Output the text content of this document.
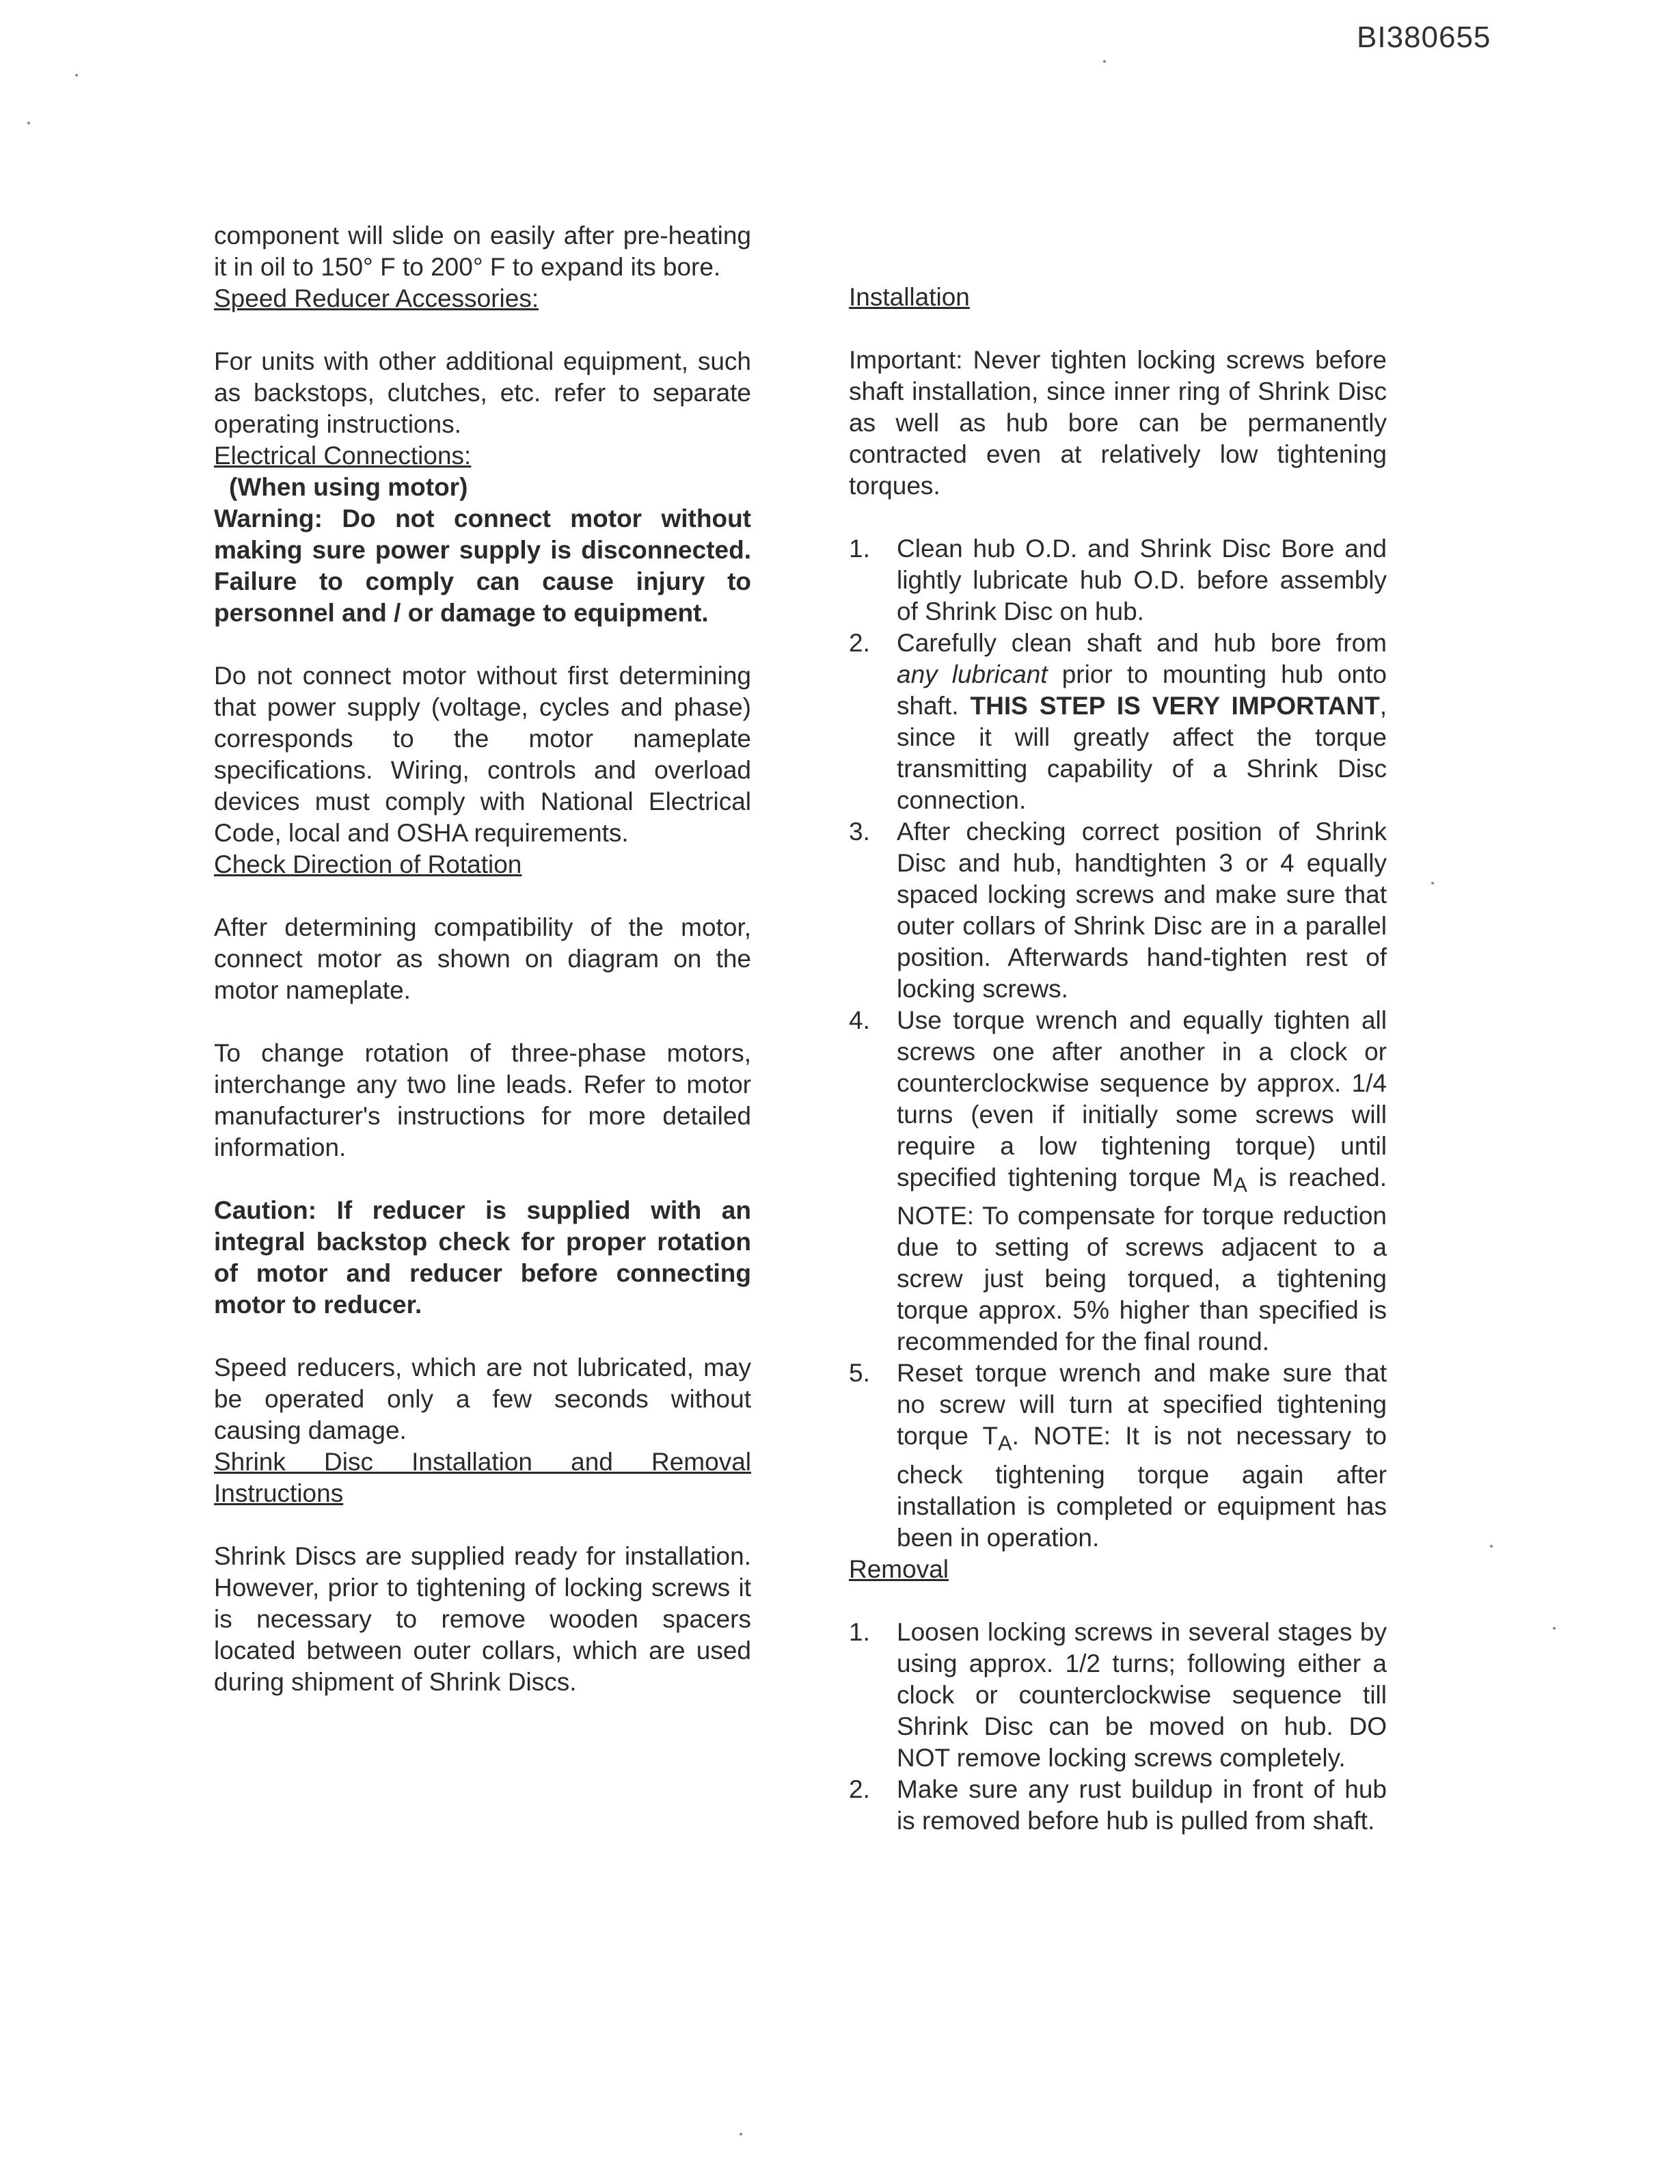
BI380655

component will slide on easily after pre-heating it in oil to 150° F to 200° F to expand its bore.

Speed Reducer Accessories:

For units with other additional equipment, such as backstops, clutches, etc. refer to separate operating instructions.

Electrical Connections:

(When using motor)

Warning: Do not connect motor without making sure power supply is disconnected. Failure to comply can cause injury to personnel and / or damage to equipment.

Do not connect motor without first determining that power supply (voltage, cycles and phase) corresponds to the motor nameplate specifications. Wiring, controls and overload devices must comply with National Electrical Code, local and OSHA requirements.

Check Direction of Rotation

After determining compatibility of the motor, connect motor as shown on diagram on the motor nameplate.

To change rotation of three-phase motors, interchange any two line leads. Refer to motor manufacturer's instructions for more detailed information.

Caution: If reducer is supplied with an integral backstop check for proper rotation of motor and reducer before connecting motor to reducer.

Speed reducers, which are not lubricated, may be operated only a few seconds without causing damage.

Shrink Disc Installation and Removal Instructions

Shrink Discs are supplied ready for installation. However, prior to tightening of locking screws it is necessary to remove wooden spacers located between outer collars, which are used during shipment of Shrink Discs.

Installation

Important: Never tighten locking screws before shaft installation, since inner ring of Shrink Disc as well as hub bore can be permanently contracted even at relatively low tightening torques.

1. Clean hub O.D. and Shrink Disc Bore and lightly lubricate hub O.D. before assembly of Shrink Disc on hub.
2. Carefully clean shaft and hub bore from any lubricant prior to mounting hub onto shaft. THIS STEP IS VERY IMPORTANT, since it will greatly affect the torque transmitting capability of a Shrink Disc connection.
3. After checking correct position of Shrink Disc and hub, handtighten 3 or 4 equally spaced locking screws and make sure that outer collars of Shrink Disc are in a parallel position. Afterwards hand-tighten rest of locking screws.
4. Use torque wrench and equally tighten all screws one after another in a clock or counterclockwise sequence by approx. 1/4 turns (even if initially some screws will require a low tightening torque) until specified tightening torque $M_A$ is reached. NOTE: To compensate for torque reduction due to setting of screws adjacent to a screw just being torqued, a tightening torque approx. 5% higher than specified is recommended for the final round.
5. Reset torque wrench and make sure that no screw will turn at specified tightening torque $T_A$. NOTE: It is not necessary to check tightening torque again after installation is completed or equipment has been in operation.

Removal

1. Loosen locking screws in several stages by using approx. 1/2 turns; following either a clock or counterclockwise sequence till Shrink Disc can be moved on hub. DO NOT remove locking screws completely.
2. Make sure any rust buildup in front of hub is removed before hub is pulled from shaft.
